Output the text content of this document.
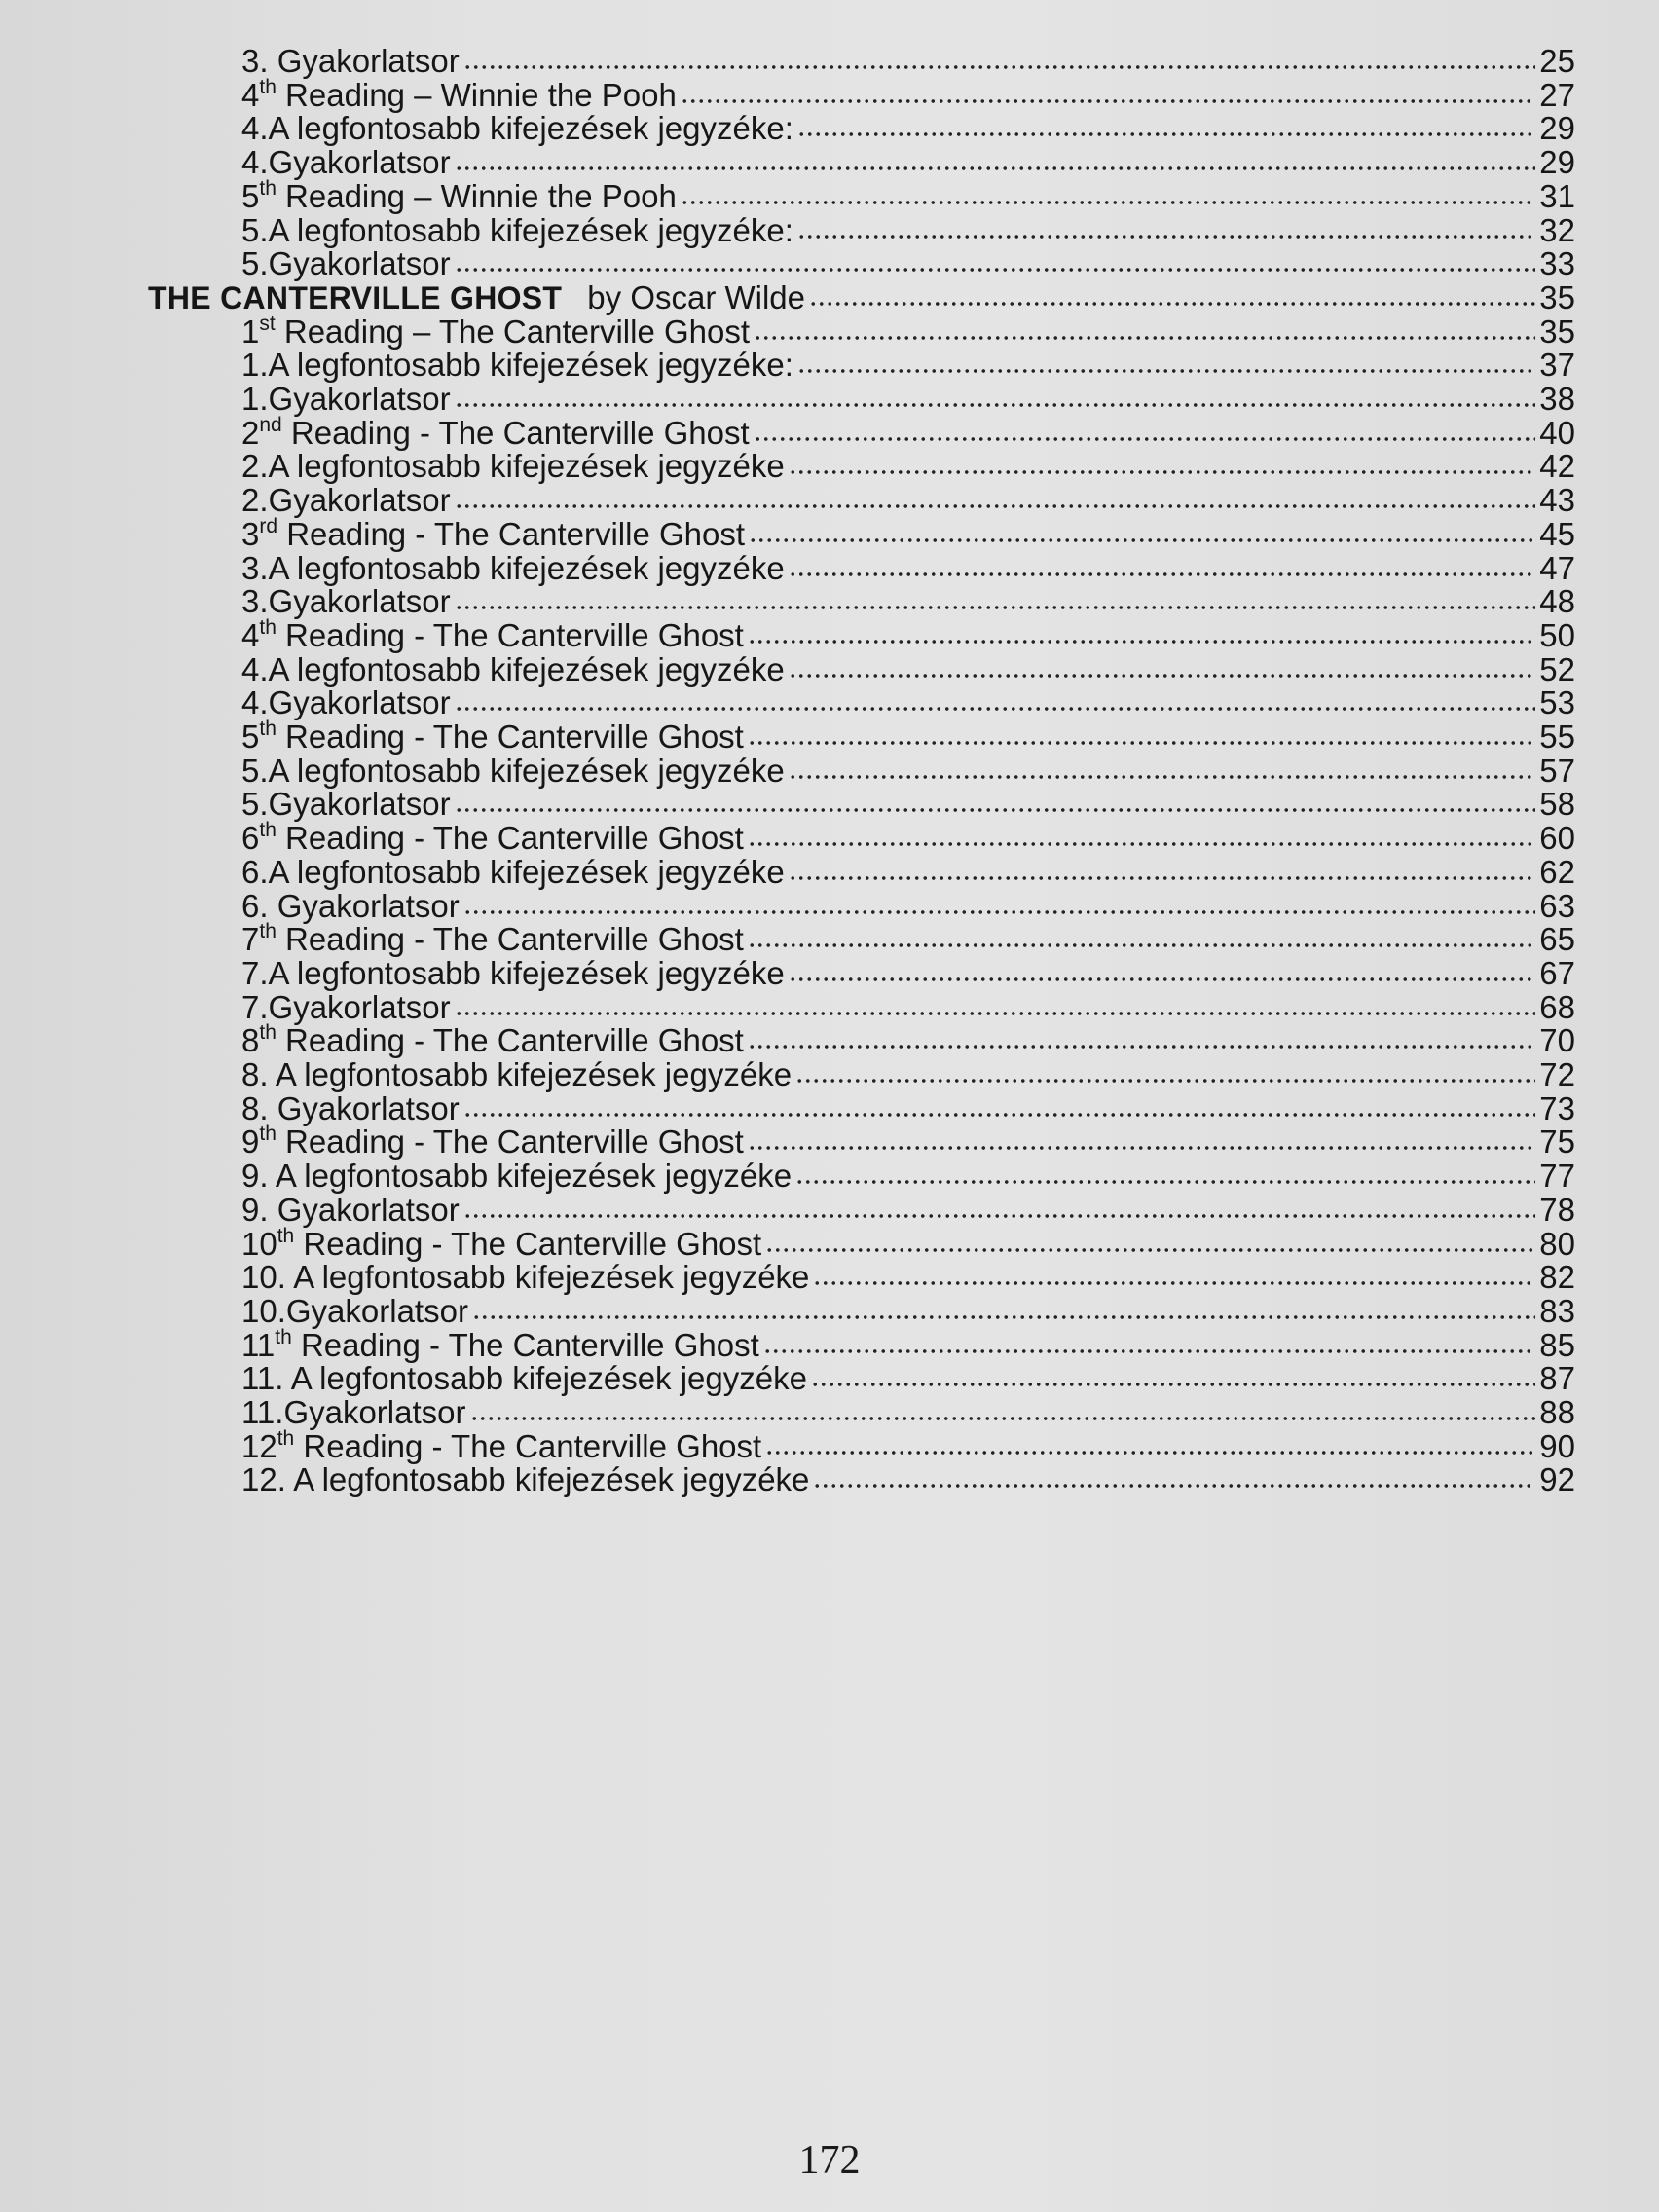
3. Gyakorlatsor	25
4th Reading – Winnie the Pooh	27
4.A legfontosabb kifejezések jegyzéke:	29
4.Gyakorlatsor	29
5th Reading – Winnie the Pooh	31
5.A legfontosabb kifejezések jegyzéke:	32
5.Gyakorlatsor	33
THE CANTERVILLE GHOST by Oscar Wilde	35
1st Reading – The Canterville Ghost	35
1.A legfontosabb kifejezések jegyzéke:	37
1.Gyakorlatsor	38
2nd Reading - The Canterville Ghost	40
2.A legfontosabb kifejezések jegyzéke	42
2.Gyakorlatsor	43
3rd Reading - The Canterville Ghost	45
3.A legfontosabb kifejezések jegyzéke	47
3.Gyakorlatsor	48
4th Reading - The Canterville Ghost	50
4.A legfontosabb kifejezések jegyzéke	52
4.Gyakorlatsor	53
5th Reading - The Canterville Ghost	55
5.A legfontosabb kifejezések jegyzéke	57
5.Gyakorlatsor	58
6th Reading - The Canterville Ghost	60
6.A legfontosabb kifejezések jegyzéke	62
6. Gyakorlatsor	63
7th Reading - The Canterville Ghost	65
7.A legfontosabb kifejezések jegyzéke	67
7.Gyakorlatsor	68
8th Reading - The Canterville Ghost	70
8. A legfontosabb kifejezések jegyzéke	72
8. Gyakorlatsor	73
9th Reading - The Canterville Ghost	75
9. A legfontosabb kifejezések jegyzéke	77
9. Gyakorlatsor	78
10th Reading - The Canterville Ghost	80
10. A legfontosabb kifejezések jegyzéke	82
10.Gyakorlatsor	83
11th Reading - The Canterville Ghost	85
11. A legfontosabb kifejezések jegyzéke	87
11.Gyakorlatsor	88
12th Reading - The Canterville Ghost	90
12. A legfontosabb kifejezések jegyzéke	92
172
